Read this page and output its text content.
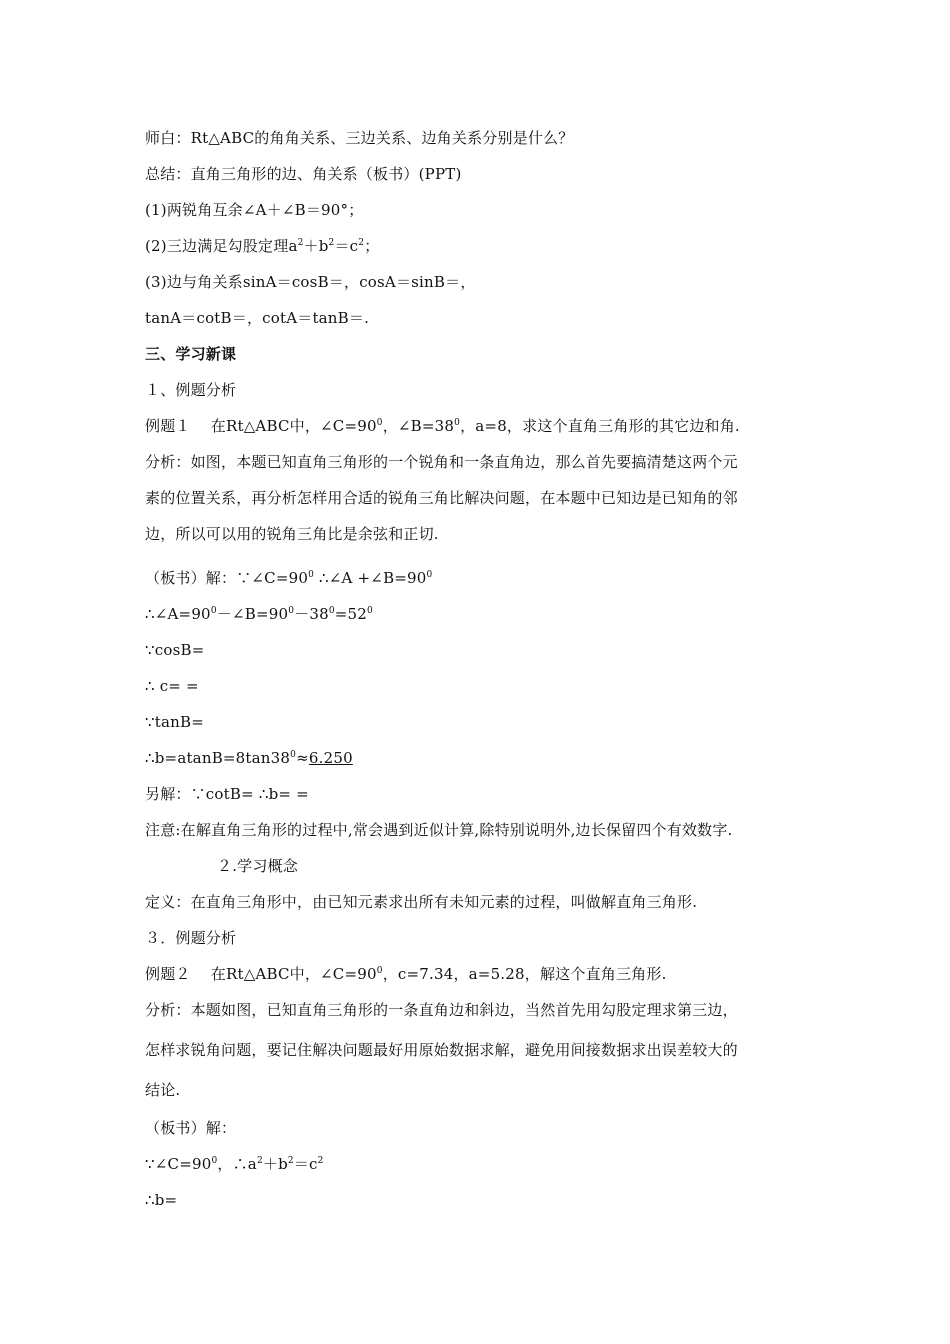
师白：Rt△ABC的角角关系、三边关系、边角关系分别是什么？
总结：直角三角形的边、角关系（板书）(PPT)
(1)两锐角互余∠A＋∠B＝90°；
(2)三边满足勾股定理$a^2+b^2=c^2$；
(3)边与角关系sinA＝cosB＝，cosA＝sinB＝，
tanA＝cotB＝，cotA＝tanB＝.
三、学习新课
１、例题分析
例题１　 在Rt△ABC中，$\angle C=90^0$，$\angle B=38^0$，a=8，求这个直角三角形的其它边和角.
分析：如图，本题已知直角三角形的一个锐角和一条直角边，那么首先要搞清楚这两个元
素的位置关系，再分析怎样用合适的锐角三角比解决问题，在本题中已知边是已知角的邻
边，所以可以用的锐角三角比是余弦和正切.
（板书）解：$\because\angle C=90^0$ ∴∠A $+\angle B=90^0$
$\therefore\angle A=90^0-\angle B=90^0-38^0=52^0$
∵cosB=
∴ c= =
∵tanB=
$\therefore b=atanB=8\tan 38^0\approx 6.250$
另解：∵cotB= ∴b= =
注意:在解直角三角形的过程中,常会遇到近似计算,除特别说明外,边长保留四个有效数字.
２.学习概念
定义：在直角三角形中，由已知元素求出所有未知元素的过程，叫做解直角三角形.
３．例题分析
例题２　 在Rt△ABC中，$\angle C=90^0$，c=7.34，a=5.28，解这个直角三角形.
分析：本题如图，已知直角三角形的一条直角边和斜边，当然首先用勾股定理求第三边，
怎样求锐角问题，要记住解决问题最好用原始数据求解，避免用间接数据求出误差较大的
结论.
（板书）解：
$\because\angle C=90^0$，$\therefore a^2+b^2=c^2$
∴b=
